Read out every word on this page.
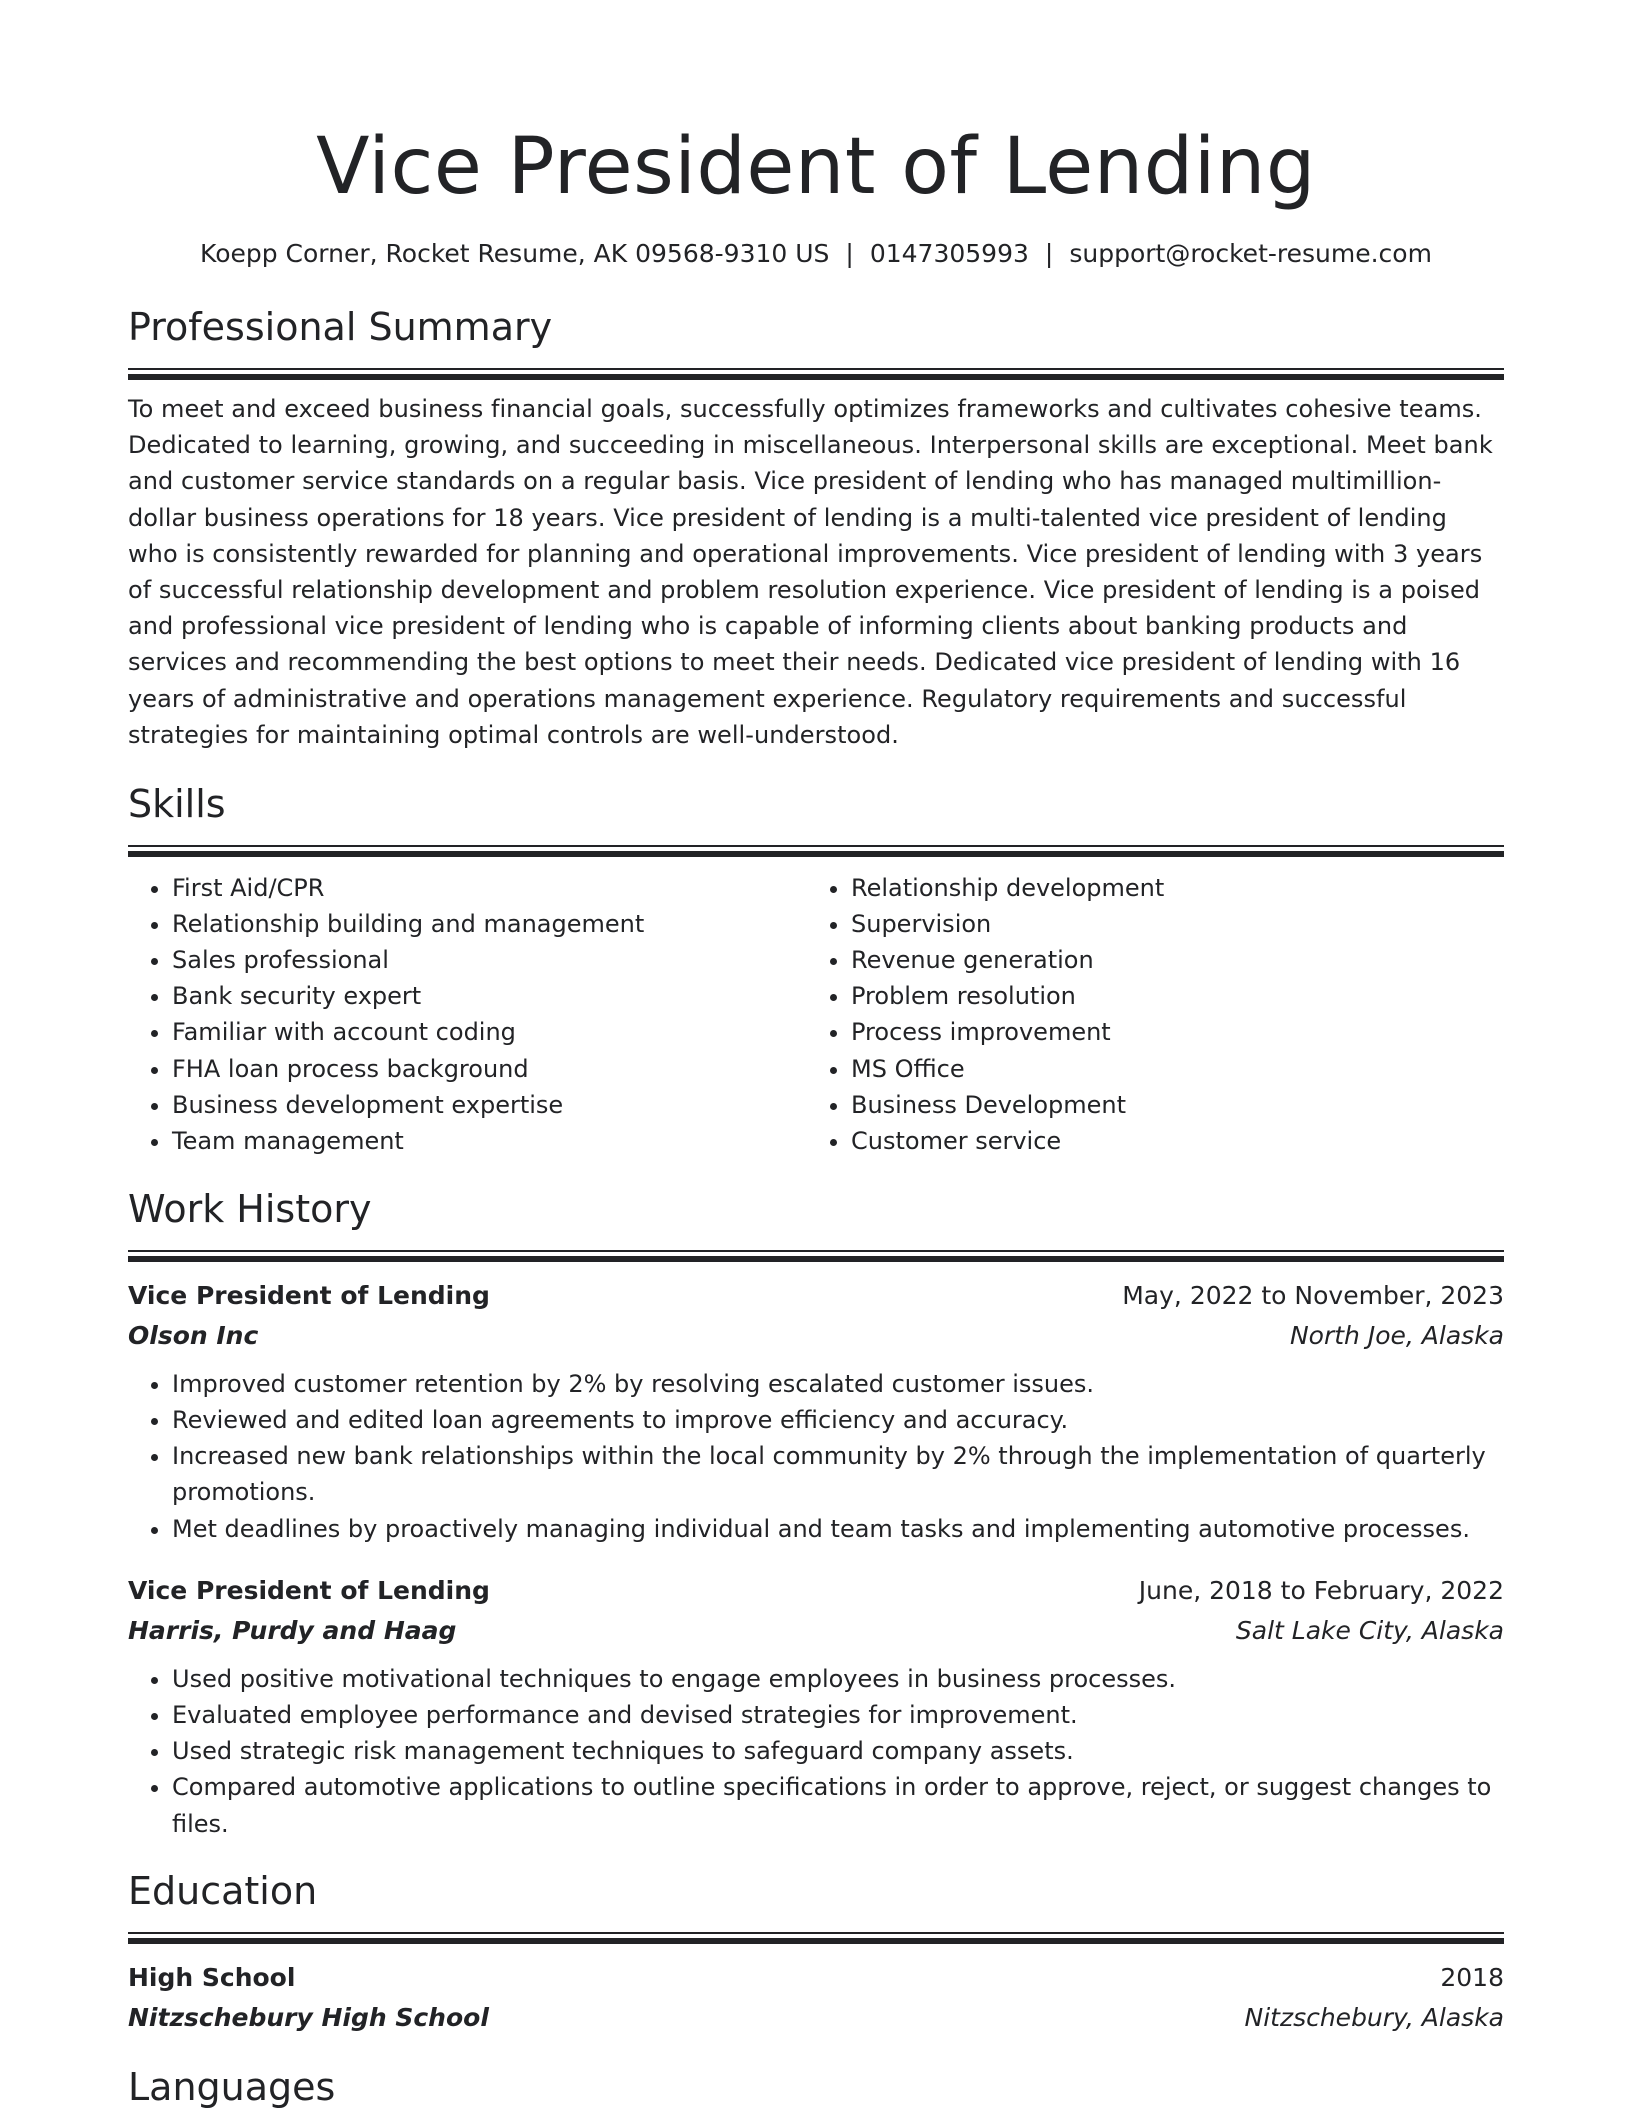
Vice President of Lending
Koepp Corner, Rocket Resume, AK 09568-9310 US | 0147305993 | support@rocket-resume.com
Professional Summary
To meet and exceed business financial goals, successfully optimizes frameworks and cultivates cohesive teams. Dedicated to learning, growing, and succeeding in miscellaneous. Interpersonal skills are exceptional. Meet bank and customer service standards on a regular basis. Vice president of lending who has managed multimillion-dollar business operations for 18 years. Vice president of lending is a multi-talented vice president of lending who is consistently rewarded for planning and operational improvements. Vice president of lending with 3 years of successful relationship development and problem resolution experience. Vice president of lending is a poised and professional vice president of lending who is capable of informing clients about banking products and services and recommending the best options to meet their needs. Dedicated vice president of lending with 16 years of administrative and operations management experience. Regulatory requirements and successful strategies for maintaining optimal controls are well-understood.
Skills
• First Aid/CPR
• Relationship building and management
• Sales professional
• Bank security expert
• Familiar with account coding
• FHA loan process background
• Business development expertise
• Team management
• Relationship development
• Supervision
• Revenue generation
• Problem resolution
• Process improvement
• MS Office
• Business Development
• Customer service
Work History
Vice President of Lending	May, 2022 to November, 2023
Olson Inc	North Joe, Alaska
• Improved customer retention by 2% by resolving escalated customer issues.
• Reviewed and edited loan agreements to improve efficiency and accuracy.
• Increased new bank relationships within the local community by 2% through the implementation of quarterly promotions.
• Met deadlines by proactively managing individual and team tasks and implementing automotive processes.
Vice President of Lending	June, 2018 to February, 2022
Harris, Purdy and Haag	Salt Lake City, Alaska
• Used positive motivational techniques to engage employees in business processes.
• Evaluated employee performance and devised strategies for improvement.
• Used strategic risk management techniques to safeguard company assets.
• Compared automotive applications to outline specifications in order to approve, reject, or suggest changes to files.
Education
High School	2018
Nitzschebury High School	Nitzschebury, Alaska
Languages
